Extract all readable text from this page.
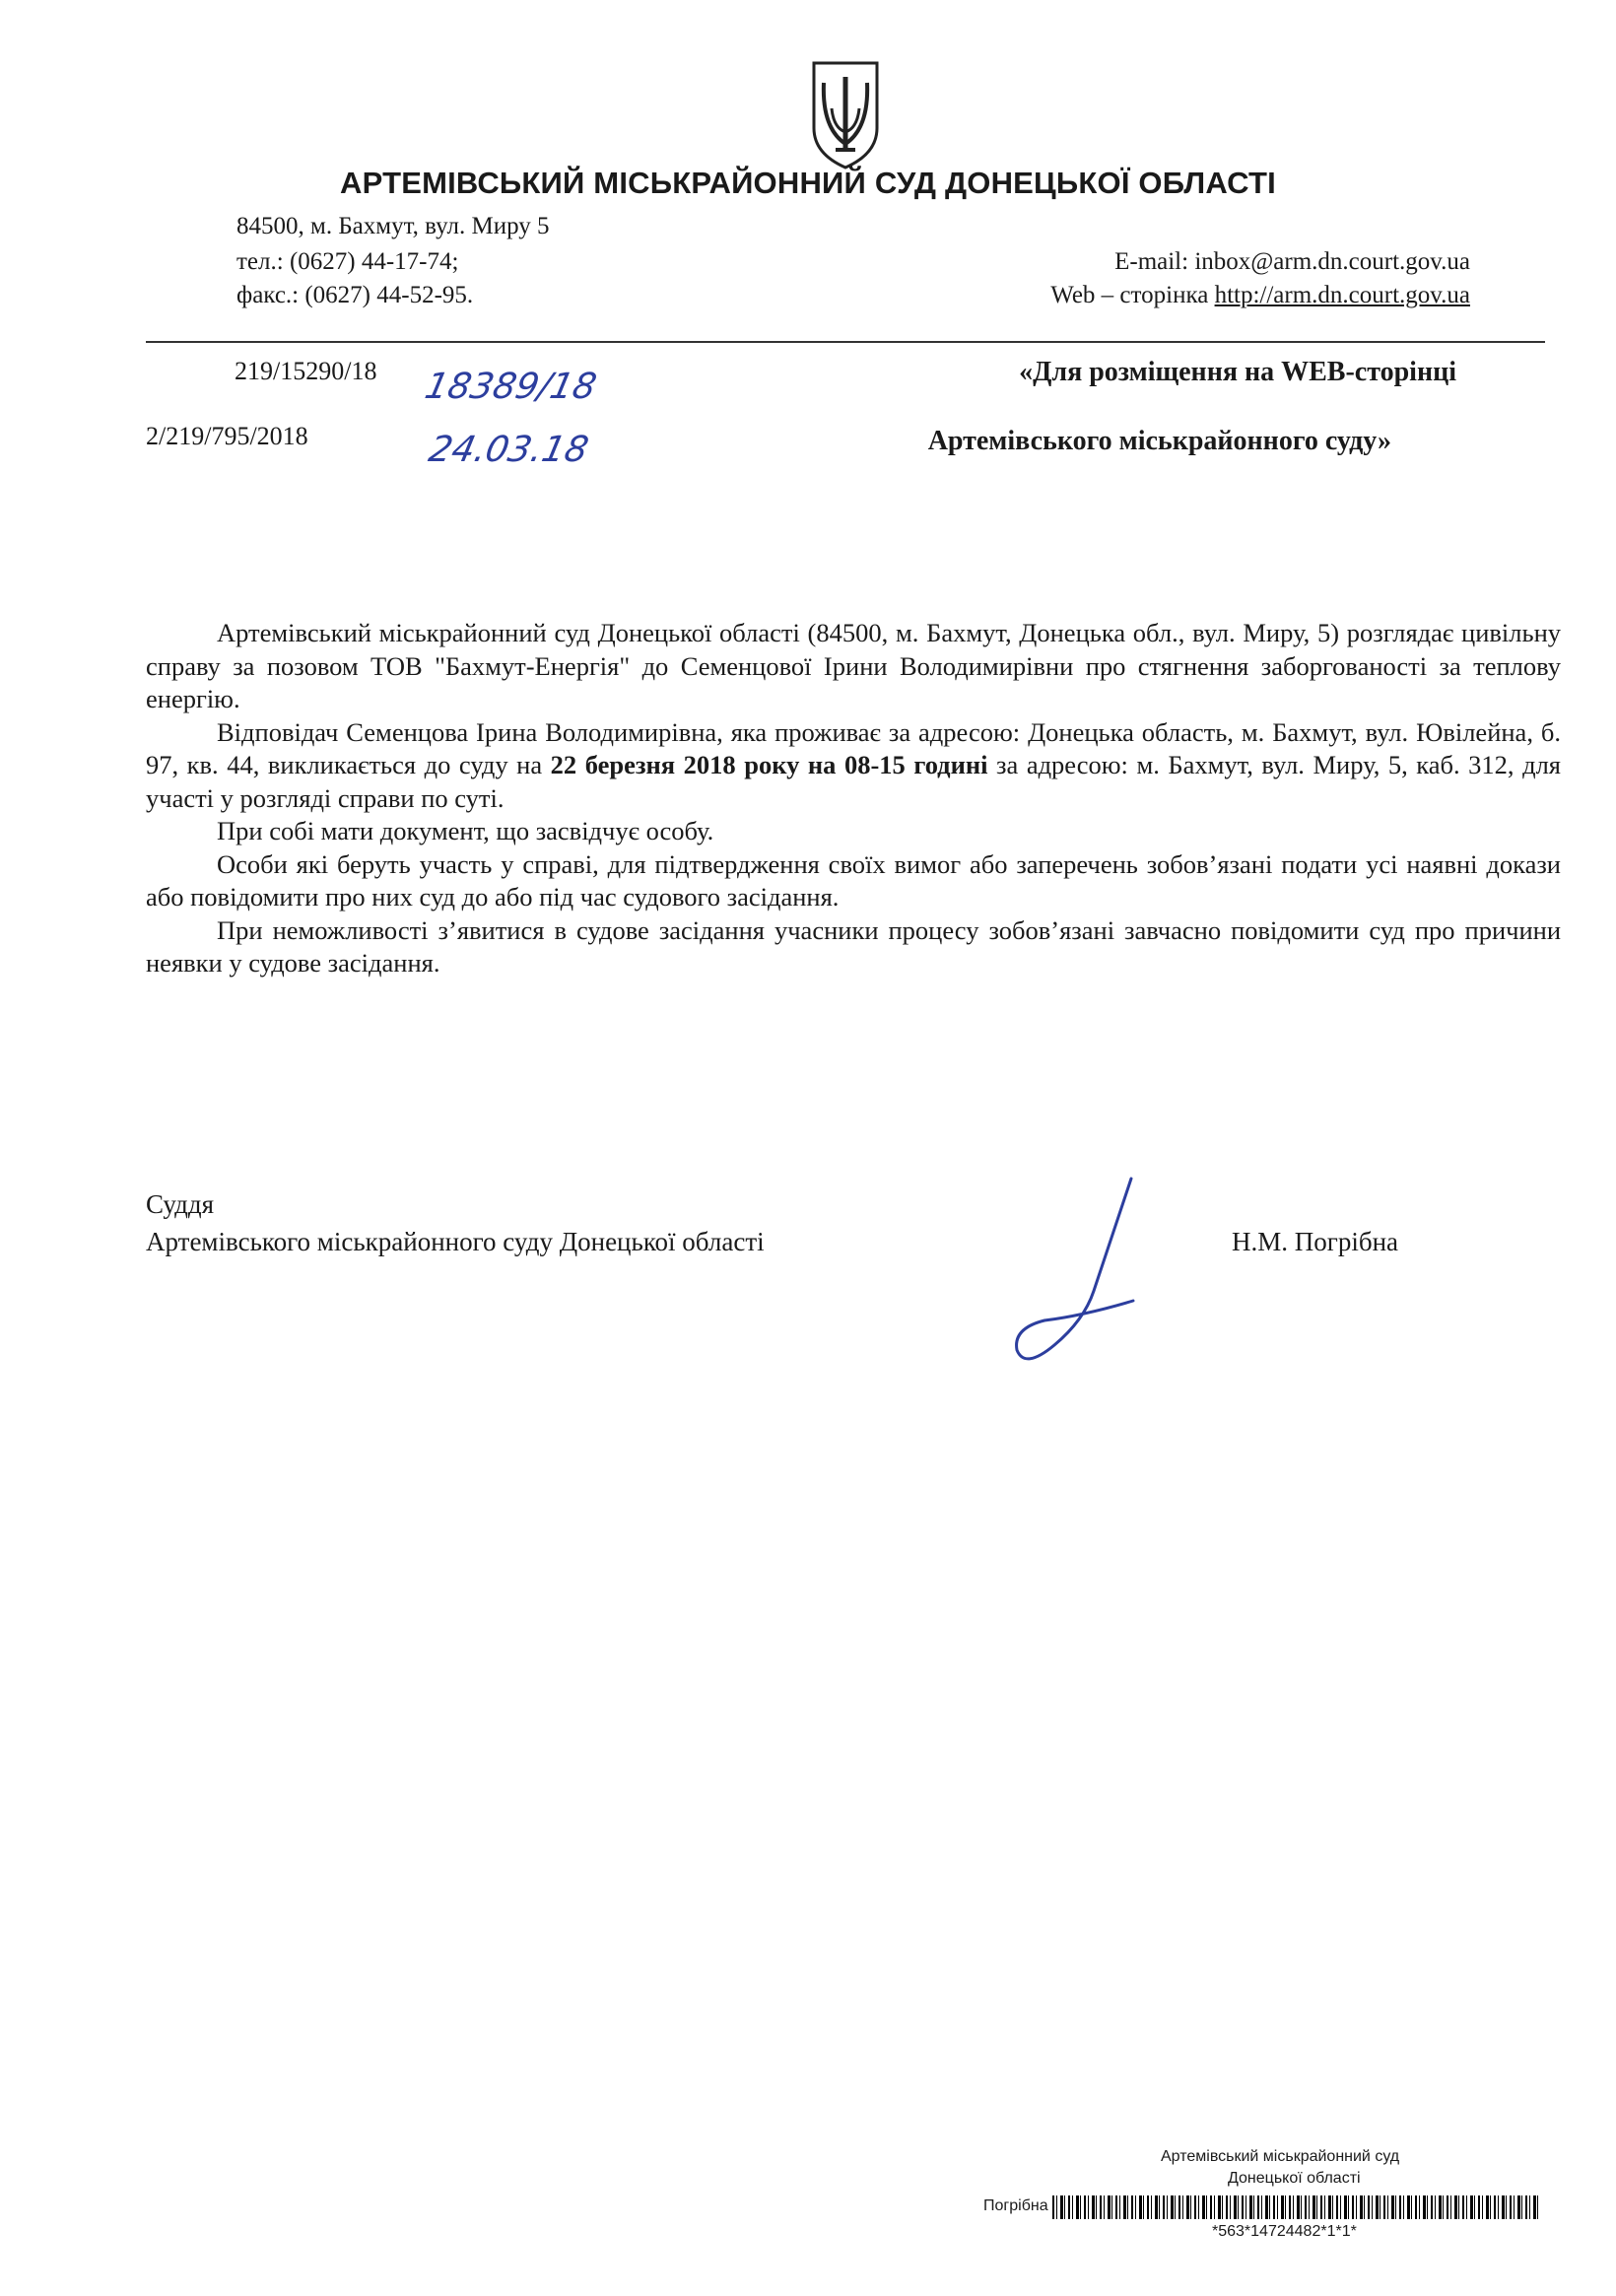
АРТЕМІВСЬКИЙ МІСЬКРАЙОННИЙ СУД ДОНЕЦЬКОЇ ОБЛАСТІ
84500, м. Бахмут, вул. Миру 5
тел.: (0627) 44-17-74;
факс.: (0627) 44-52-95.
E-mail: inbox@arm.dn.court.gov.ua
Web – сторінка http://arm.dn.court.gov.ua
219/15290/18
2/219/795/2018
18389/18
24.03.18
«Для розміщення на WEB-сторінці
Артемівського міськрайонного суду»

Артемівський міськрайонний суд Донецької області (84500, м. Бахмут, Донецька обл., вул. Миру, 5) розглядає цивільну справу за позовом ТОВ "Бахмут-Енергія" до Семенцової Ірини Володимирівни про стягнення заборгованості за теплову енергію.

Відповідач Семенцова Ірина Володимирівна, яка проживає за адресою: Донецька область, м. Бахмут, вул. Ювілейна, б. 97, кв. 44, викликається до суду на 22 березня 2018 року на 08-15 годині за адресою: м. Бахмут, вул. Миру, 5, каб. 312, для участі у розгляді справи по суті.

При собі мати документ, що засвідчує особу.

Особи які беруть участь у справі, для підтвердження своїх вимог або заперечень зобов’язані подати усі наявні докази або повідомити про них суд до або під час судового засідання.

При неможливості з’явитися в судове засідання учасники процесу зобов’язані завчасно повідомити суд про причини неявки у судове засідання.

Суддя
Артемівського міськрайонного суду Донецької області	Н.М. Погрібна
Артемівський міськрайонний суд
Донецької області
Погрібна
*563*14724482*1*1*
